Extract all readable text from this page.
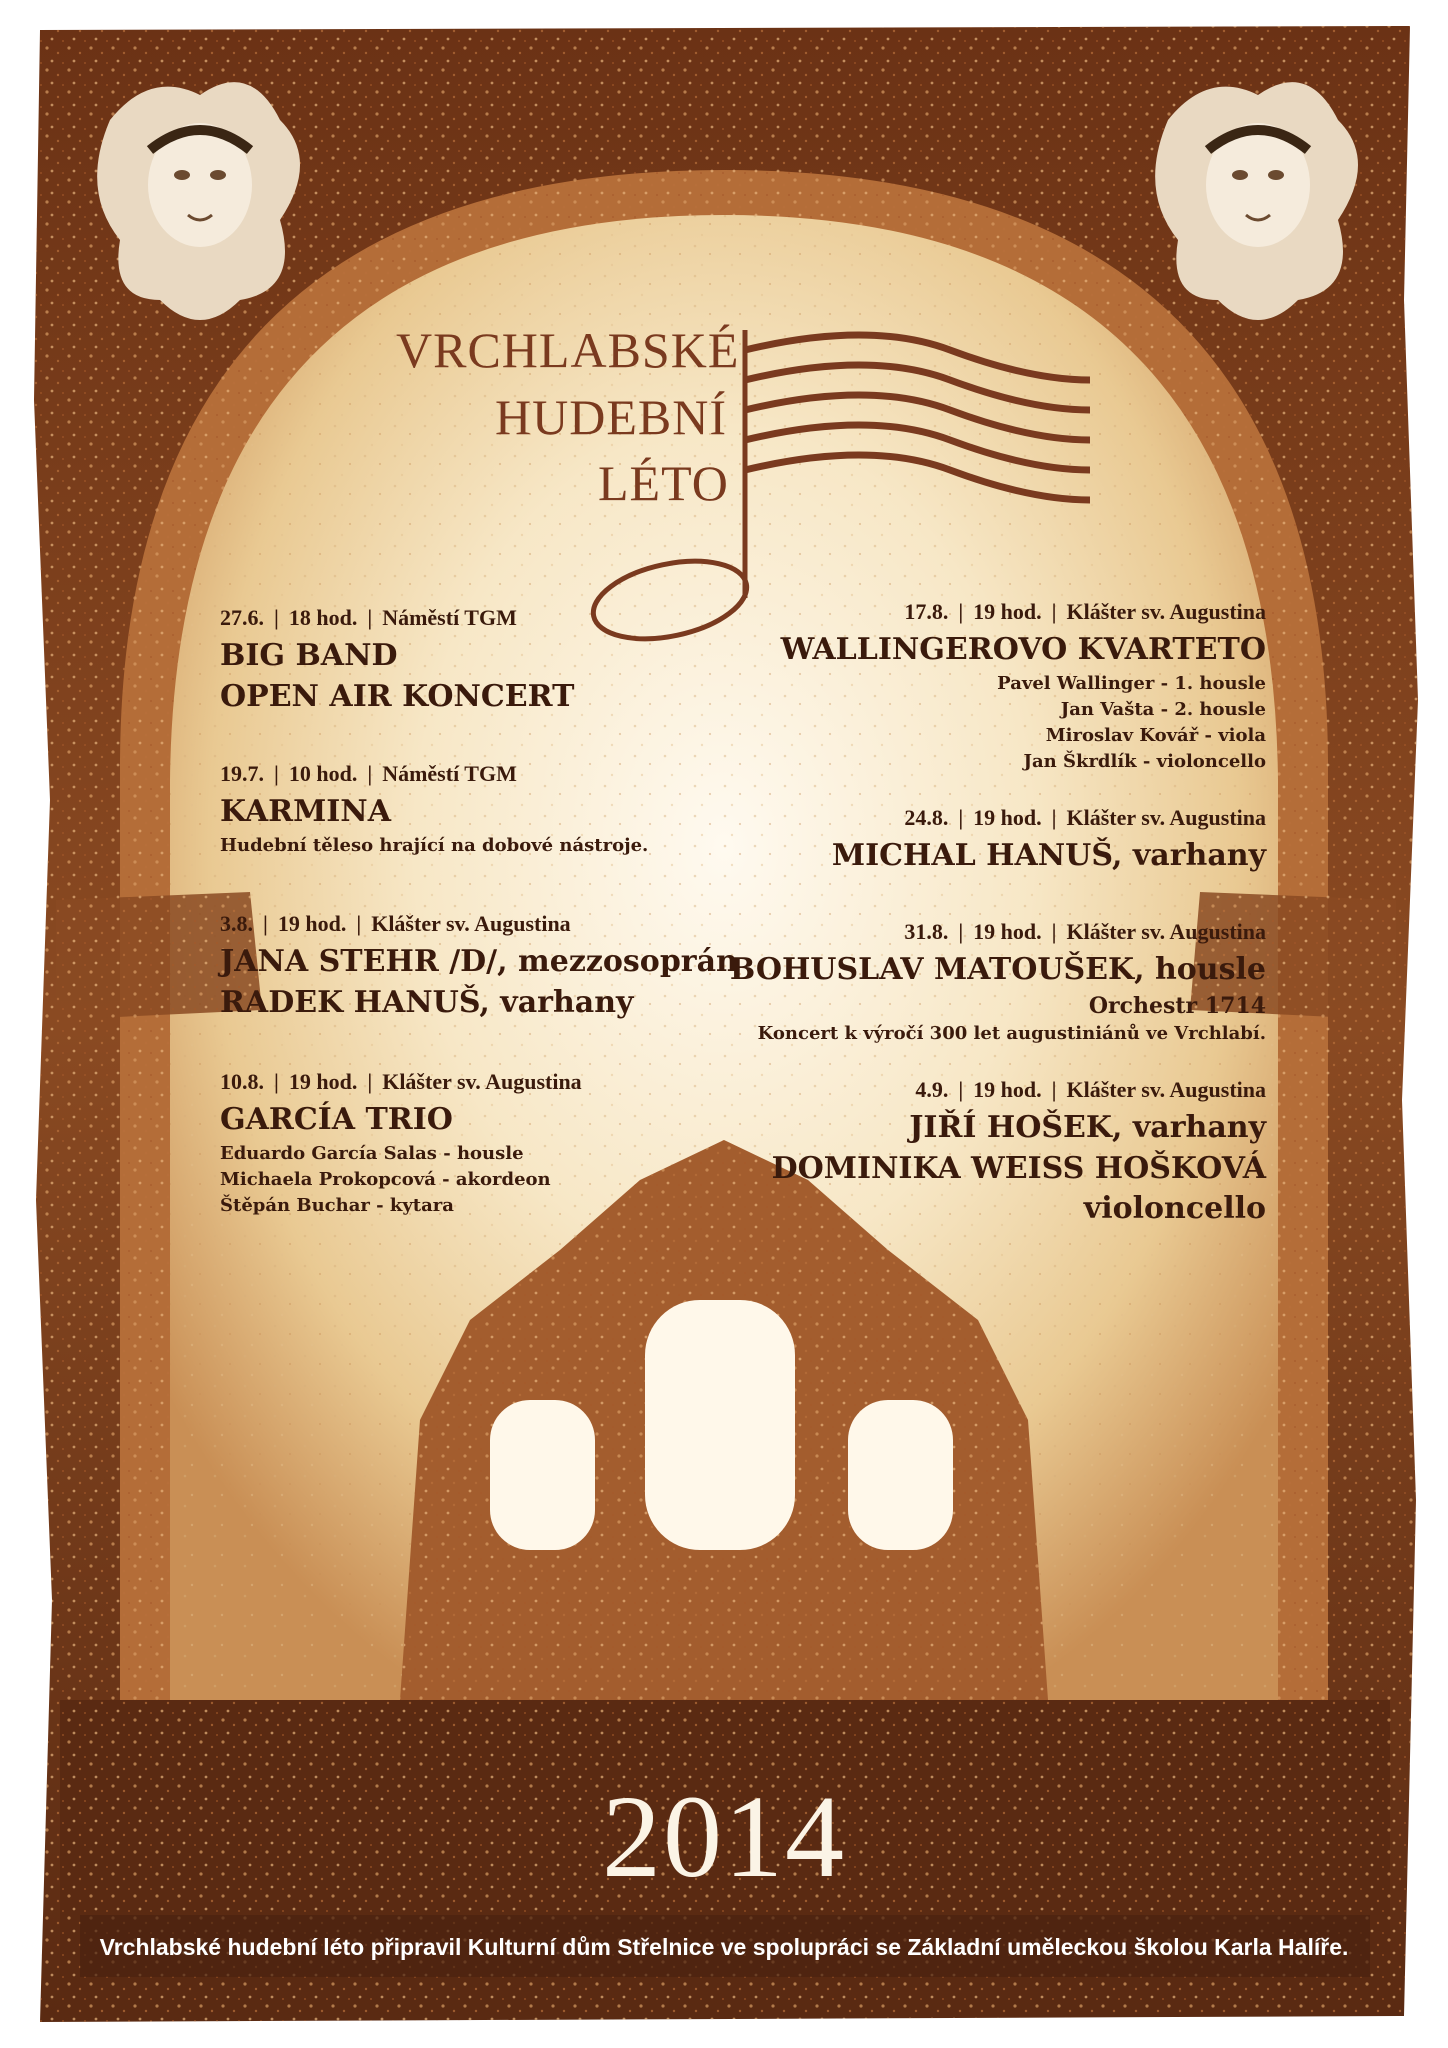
VRCHLABSKÉ
HUDEBNÍ
LÉTO
27.6. | 18 hod. | Náměstí TGM
BIG BAND
OPEN AIR KONCERT
19.7. | 10 hod. | Náměstí TGM
KARMINA
Hudební těleso hrající na dobové nástroje.
3.8. | 19 hod. | Klášter sv. Augustina
JANA STEHR /D/, mezzosoprán
RADEK HANUŠ, varhany
10.8. | 19 hod. | Klášter sv. Augustina
GARCÍA TRIO
Eduardo García Salas - housle
Michaela Prokopcová - akordeon
Štěpán Buchar - kytara
17.8. | 19 hod. | Klášter sv. Augustina
WALLINGEROVO KVARTETO
Pavel Wallinger - 1. housle
Jan Vašta - 2. housle
Miroslav Kovář - viola
Jan Škrdlík - violoncello
24.8. | 19 hod. | Klášter sv. Augustina
MICHAL HANUŠ, varhany
31.8. | 19 hod. | Klášter sv. Augustina
BOHUSLAV MATOUŠEK, housle
Orchestr 1714
Koncert k výročí 300 let augustiniánů ve Vrchlabí.
4.9. | 19 hod. | Klášter sv. Augustina
JIŘÍ HOŠEK, varhany
DOMINIKA WEISS HOŠKOVÁ
violoncello
2014
Vrchlabské hudební léto připravil Kulturní dům Střelnice ve spolupráci se Základní uměleckou školou Karla Halíře.
